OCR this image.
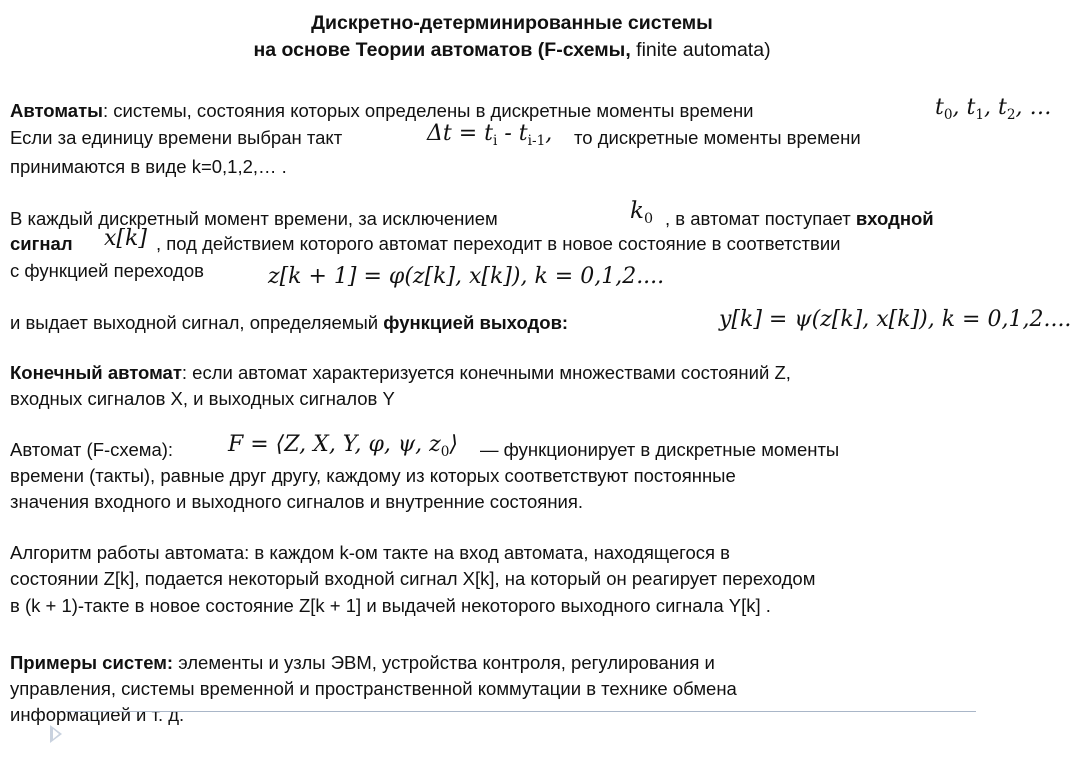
Дискретно-детерминированные системы
на основе Теории автоматов (F-схемы, finite automata)
Автоматы: системы, состояния которых определены в дискретные моменты времени	$t_0$, $t_1$, $t_2$, …
Если за единицу времени выбран такт	$\Delta t = t_i - t_{i-1}$, то дискретные моменты времени
принимаются в виде k=0,1,2,… .
В каждый дискретный момент времени, за исключением	$k_0$ , в автомат поступает входной
сигнал x[k] , под действием которого автомат переходит в новое состояние в соответствии
с функцией переходов	z[k + 1] = φ(z[k], x[k]), k = 0,1,2....
и выдает выходной сигнал, определяемый функцией выходов:	y[k] = ψ(z[k], x[k]), k = 0,1,2....
Конечный автомат: если автомат характеризуется конечными множествами состояний Z,
входных сигналов X, и выходных сигналов Y
Автомат (F-схема): F = ⟨Z, X, Y, φ, ψ, $z_0⟩$ — функционирует в дискретные моменты
времени (такты), равные друг другу, каждому из которых соответствуют постоянные
значения входного и выходного сигналов и внутренние состояния.
Алгоритм работы автомата: в каждом k-ом такте на вход автомата, находящегося в
состоянии Z[k], подается некоторый входной сигнал X[k], на который он реагирует переходом
в (k + 1)-такте в новое состояние Z[k + 1] и выдачей некоторого выходного сигнала Y[k] .
Примеры систем: элементы и узлы ЭВМ, устройства контроля, регулирования и
управления, системы временной и пространственной коммутации в технике обмена
информацией и т. д.
